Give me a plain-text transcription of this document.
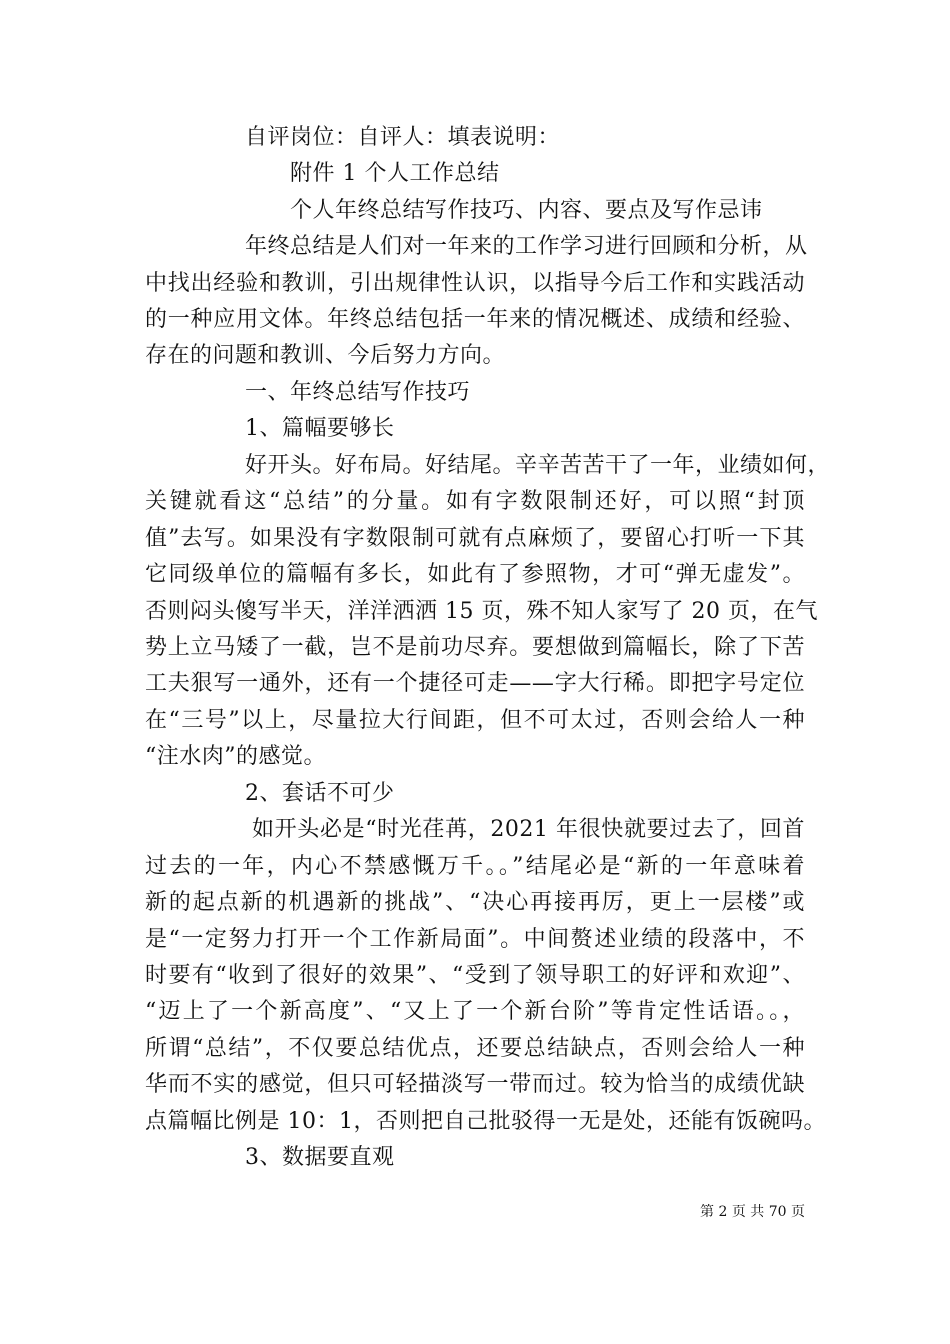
自评岗位：自评人：填表说明：
附件 1 个人工作总结
个人年终总结写作技巧、内容、要点及写作忌讳
年终总结是人们对一年来的工作学习进行回顾和分析，从
中找出经验和教训，引出规律性认识，以指导今后工作和实践活动
的一种应用文体。年终总结包括一年来的情况概述、成绩和经验、
存在的问题和教训、今后努力方向。
一、年终总结写作技巧
1、篇幅要够长
好开头。好布局。好结尾。辛辛苦苦干了一年，业绩如何，
关键就看这“总结”的分量。如有字数限制还好，可以照“封顶
值”去写。如果没有字数限制可就有点麻烦了，要留心打听一下其
它同级单位的篇幅有多长，如此有了参照物，才可“弹无虚发”。
否则闷头傻写半天，洋洋洒洒 15 页，殊不知人家写了 20 页，在气
势上立马矮了一截，岂不是前功尽弃。要想做到篇幅长，除了下苦
工夫狠写一通外，还有一个捷径可走——字大行稀。即把字号定位
在“三号”以上，尽量拉大行间距，但不可太过，否则会给人一种
“注水肉”的感觉。
2、套话不可少
如开头必是“时光荏苒，2021 年很快就要过去了，回首
过去的一年，内心不禁感慨万千。。”结尾必是“新的一年意味着
新的起点新的机遇新的挑战”、“决心再接再厉，更上一层楼”或
是“一定努力打开一个工作新局面”。中间赘述业绩的段落中，不
时要有“收到了很好的效果”、“受到了领导职工的好评和欢迎”、
“迈上了一个新高度”、“又上了一个新台阶”等肯定性话语。。，
所谓“总结”，不仅要总结优点，还要总结缺点，否则会给人一种
华而不实的感觉，但只可轻描淡写一带而过。较为恰当的成绩优缺
点篇幅比例是 10：1，否则把自己批驳得一无是处，还能有饭碗吗。
3、数据要直观
第 2 页 共 70 页
